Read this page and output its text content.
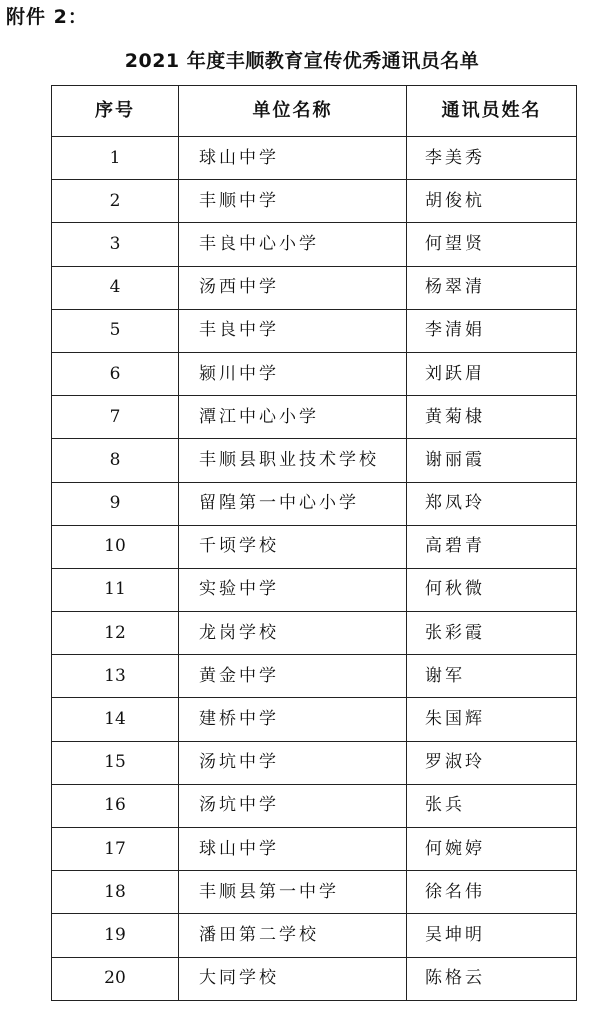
附件 2：
2021 年度丰顺教育宣传优秀通讯员名单
序号	单位名称	通讯员姓名
1	球山中学	李美秀
2	丰顺中学	胡俊杭
3	丰良中心小学	何望贤
4	汤西中学	杨翠清
5	丰良中学	李清娟
6	颍川中学	刘跃眉
7	潭江中心小学	黄菊棣
8	丰顺县职业技术学校	谢丽霞
9	留隍第一中心小学	郑凤玲
10	千顷学校	高碧青
11	实验中学	何秋微
12	龙岗学校	张彩霞
13	黄金中学	谢军
14	建桥中学	朱国辉
15	汤坑中学	罗淑玲
16	汤坑中学	张兵
17	球山中学	何婉婷
18	丰顺县第一中学	徐名伟
19	潘田第二学校	吴坤明
20	大同学校	陈格云
